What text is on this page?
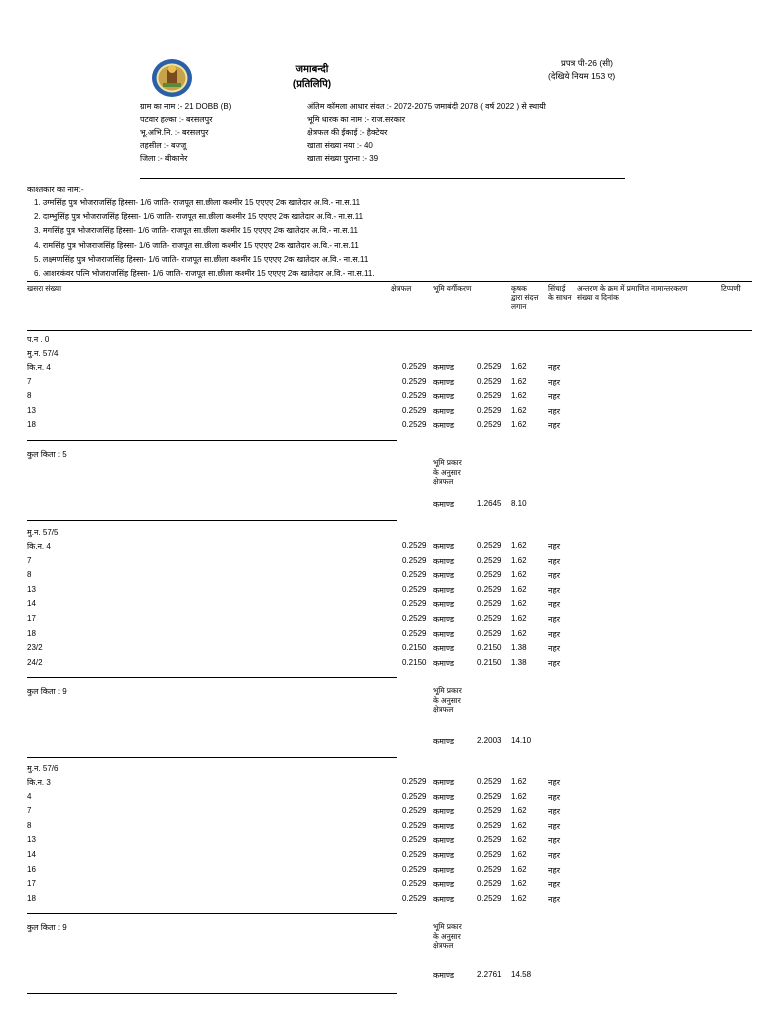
जमाबन्दी
(प्रतिलिपि)
प्रपत्र पी-26 (सी)
(देखिये नियम 153 ए)
ग्राम का नाम :- 21 DOBB (B)
पटवार हल्का :- बरसलपुर
भू.अभि.नि. :- बरसलपुर
तहसील :- बज्जू
जिला :- बीकानेर
अंतिम कॉमला आधार संवत :- 2072-2075 जमाबंदी 2078 ( वर्ष 2022 ) से स्थायी
भूमि धारक का नाम :- राज.सरकार
क्षेत्रफल की ईकाई :- हैक्टेयर
खाता संख्या नया :- 40
खाता संख्या पुराना :- 39
काश्तकार का नाम:-
1. उग्मसिंह पुत्र भोजराजसिंह हिस्सा- 1/6 जाति- राजपूत सा.छीला कश्मीर 15 एएएए 2क खातेदार अ.वि.- ना.स.11
2. दाम्भुसिंह पुत्र भोजराजसिंह हिस्सा- 1/6 जाति- राजपूत सा.छीला कश्मीर 15 एएएए 2क खातेदार अ.वि.- ना.स.11
3. मगसिंह पुत्र भोजराजसिंह हिस्सा- 1/6 जाति- राजपूत सा.छीला कश्मीर 15 एएएए 2क खातेदार अ.वि.- ना.स.11
4. रामसिंह पुत्र भोजराजसिंह हिस्सा- 1/6 जाति- राजपूत सा.छीला कश्मीर 15 एएएए 2क खातेदार अ.वि.- ना.स.11
5. लक्ष्मणसिंह पुत्र भोजराजसिंह हिस्सा- 1/6 जाति- राजपूत सा.छीला कश्मीर 15 एएएए 2क खातेदार अ.वि.- ना.स.11
6. आशरकंवर पत्नि भोजराजसिंह हिस्सा- 1/6 जाति- राजपूत सा.छीला कश्मीर 15 एएएए 2क खातेदार अ.वि.- ना.स.11.
खसरा संख्या	क्षेत्रफल	भूमि वर्गीकरण	कृषक द्वारा संदत्त लगान
सिंचाई के साधन
अन्तरण के क्रम में प्रमाणित नामान्तरकरण संख्या व दिनांक
टिप्पणी
प.न . 0
मु.न. 57/4
कि.न. 4	0.2529 कमाण्ड	0.2529 1.62	नहर
7	0.2529 कमाण्ड	0.2529 1.62	नहर
8	0.2529 कमाण्ड	0.2529 1.62	नहर
13	0.2529 कमाण्ड	0.2529 1.62	नहर
18	0.2529 कमाण्ड	0.2529 1.62	नहर
कुल किता : 5
भूमि प्रकार के अनुसार क्षेत्रफल
कमाण्ड	1.2645 8.10
मु.न. 57/5
कि.न. 4	0.2529 कमाण्ड	0.2529 1.62	नहर
7	0.2529 कमाण्ड	0.2529 1.62	नहर
8	0.2529 कमाण्ड	0.2529 1.62	नहर
13	0.2529 कमाण्ड	0.2529 1.62	नहर
14	0.2529 कमाण्ड	0.2529 1.62	नहर
17	0.2529 कमाण्ड	0.2529 1.62	नहर
18	0.2529 कमाण्ड	0.2529 1.62	नहर
23/2	0.2150 कमाण्ड	0.2150 1.38	नहर
24/2	0.2150 कमाण्ड	0.2150 1.38	नहर
कुल किता : 9	भूमि प्रकार के अनुसार क्षेत्रफल
कमाण्ड	2.2003 14.10
मु.न. 57/6
कि.न. 3	0.2529 कमाण्ड	0.2529 1.62	नहर
4	0.2529 कमाण्ड	0.2529 1.62	नहर
7	0.2529 कमाण्ड	0.2529 1.62	नहर
8	0.2529 कमाण्ड	0.2529 1.62	नहर
13	0.2529 कमाण्ड	0.2529 1.62	नहर
14	0.2529 कमाण्ड	0.2529 1.62	नहर
16	0.2529 कमाण्ड	0.2529 1.62	नहर
17	0.2529 कमाण्ड	0.2529 1.62	नहर
18	0.2529 कमाण्ड	0.2529 1.62	नहर
कुल किता : 9	भूमि प्रकार के अनुसार क्षेत्रफल
कमाण्ड	2.2761 14.58
